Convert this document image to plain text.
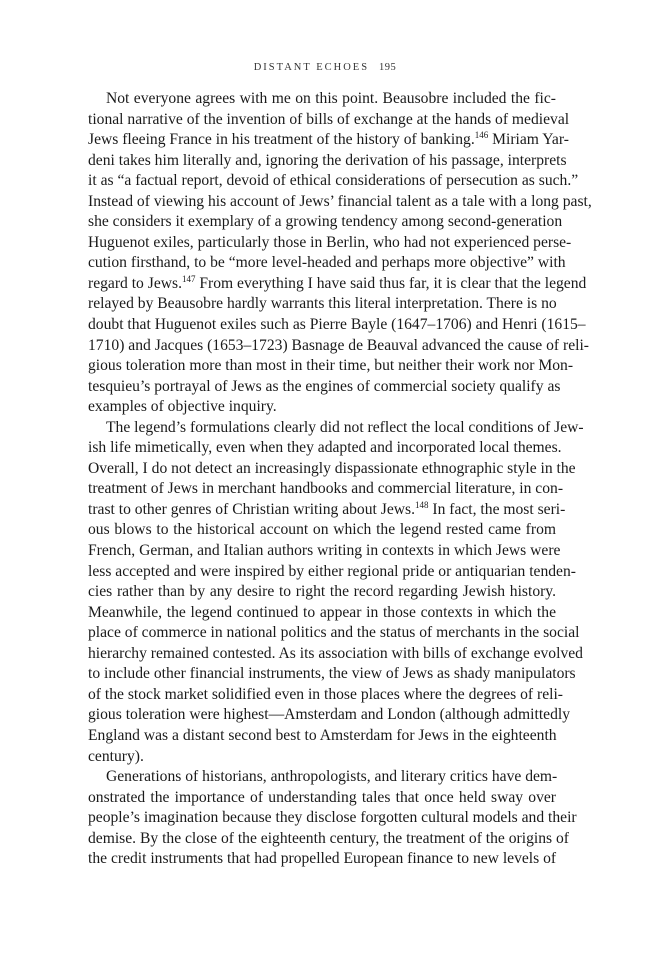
DISTANT ECHOES 195
Not everyone agrees with me on this point. Beausobre included the fic-
tional narrative of the invention of bills of exchange at the hands of medieval
Jews fleeing France in his treatment of the history of banking.$^{146}$ Miriam Yar-
deni takes him literally and, ignoring the derivation of his passage, interprets
it as “a factual report, devoid of ethical considerations of persecution as such.”
Instead of viewing his account of Jews’ financial talent as a tale with a long past,
she considers it exemplary of a growing tendency among second-generation
Huguenot exiles, particularly those in Berlin, who had not experienced perse-
cution firsthand, to be “more level-headed and perhaps more objective” with
regard to Jews.$^{147}$ From everything I have said thus far, it is clear that the legend
relayed by Beausobre hardly warrants this literal interpretation. There is no
doubt that Huguenot exiles such as Pierre Bayle (1647–1706) and Henri (1615–
1710) and Jacques (1653–1723) Basnage de Beauval advanced the cause of reli-
gious toleration more than most in their time, but neither their work nor Mon-
tesquieu’s portrayal of Jews as the engines of commercial society qualify as
examples of objective inquiry.
The legend’s formulations clearly did not reflect the local conditions of Jew-
ish life mimetically, even when they adapted and incorporated local themes.
Overall, I do not detect an increasingly dispassionate ethnographic style in the
treatment of Jews in merchant handbooks and commercial literature, in con-
trast to other genres of Christian writing about Jews.$^{148}$ In fact, the most seri-
ous blows to the historical account on which the legend rested came from
French, German, and Italian authors writing in contexts in which Jews were
less accepted and were inspired by either regional pride or antiquarian tenden-
cies rather than by any desire to right the record regarding Jewish history.
Meanwhile, the legend continued to appear in those contexts in which the
place of commerce in national politics and the status of merchants in the social
hierarchy remained contested. As its association with bills of exchange evolved
to include other financial instruments, the view of Jews as shady manipulators
of the stock market solidified even in those places where the degrees of reli-
gious toleration were highest—Amsterdam and London (although admittedly
England was a distant second best to Amsterdam for Jews in the eighteenth
century).
Generations of historians, anthropologists, and literary critics have dem-
onstrated the importance of understanding tales that once held sway over
people’s imagination because they disclose forgotten cultural models and their
demise. By the close of the eighteenth century, the treatment of the origins of
the credit instruments that had propelled European finance to new levels of
